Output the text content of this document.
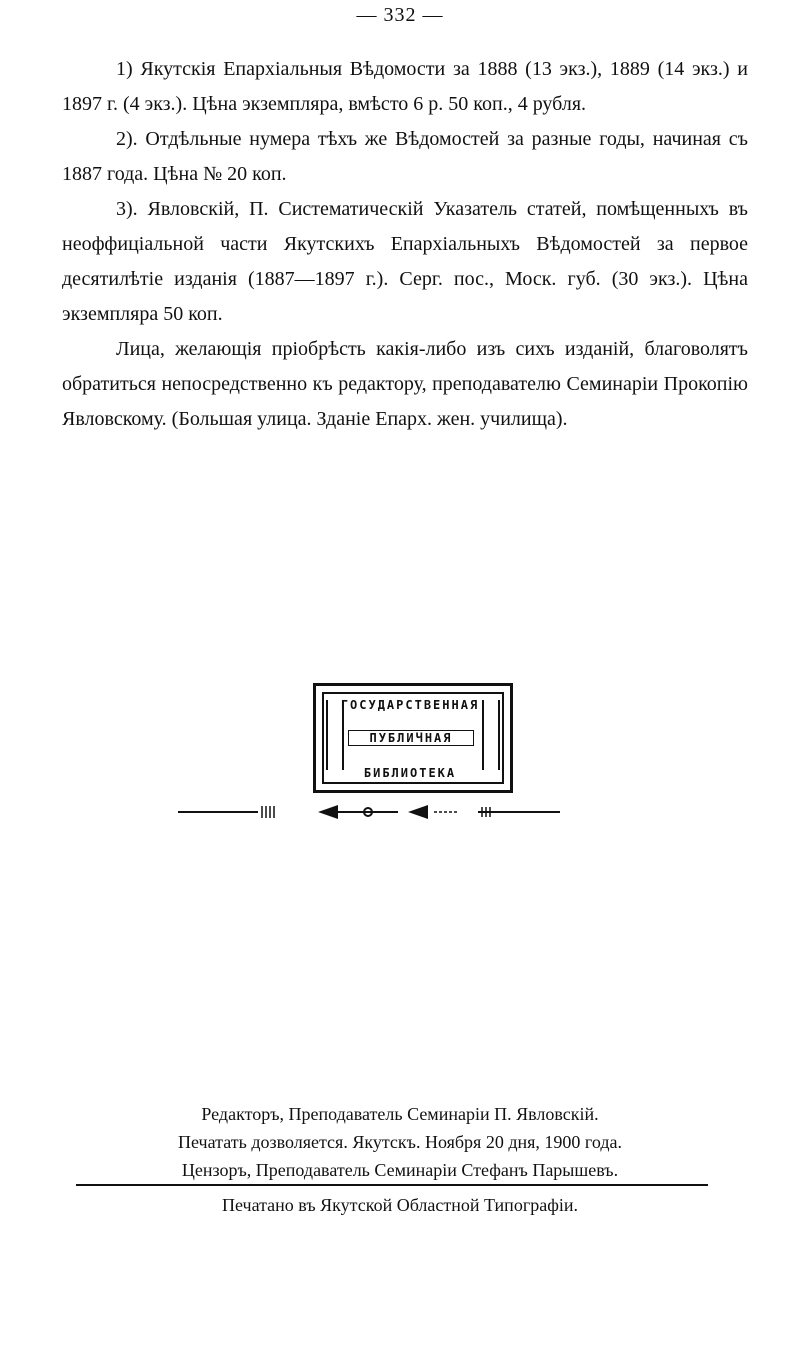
— 332 —

1) Якутскія Епархіальныя Вѣдомости за 1888 (13 экз.), 1889 (14 экз.) и 1897 г. (4 экз.). Цѣна экземпляра, вмѣсто 6 р. 50 коп., 4 рубля.

2). Отдѣльные нумера тѣхъ же Вѣдомостей за разные годы, начиная съ 1887 года. Цѣна № 20 коп.

3). Явловскій, П. Систематическій Указатель статей, помѣщенныхъ въ неоффиціальной части Якутскихъ Епархіальныхъ Вѣдомостей за первое десятилѣтіе изданія (1887—1897 г.). Серг. пос., Моск. губ. (30 экз.). Цѣна экземпляра 50 коп.

Лица, желающія пріобрѣсть какія-либо изъ сихъ изданій, благоволятъ обратиться непосредственно къ редактору, преподавателю Семинаріи Прокопію Явловскому. (Большая улица. Зданіе Епарх. жен. училища).

ГОСУДАРСТВЕННАЯ
ПУБЛИЧНАЯ
БИБЛИОТЕКА
Редакторъ, Преподаватель Семинаріи П. Явловскій.
Печатать дозволяется. Якутскъ. Ноября 20 дня, 1900 года.
Цензоръ, Преподаватель Семинаріи Стефанъ Парышевъ.
Печатано въ Якутской Областной Типографіи.
